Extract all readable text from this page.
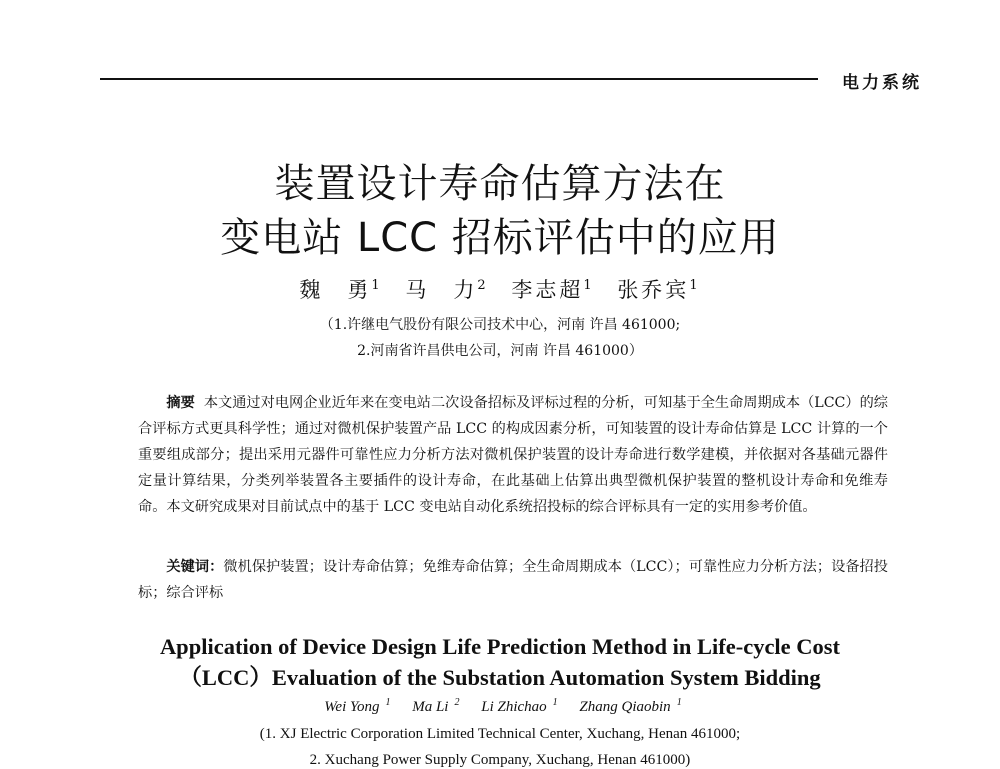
电力系统
装置设计寿命估算方法在
变电站 LCC 招标评估中的应用
魏　勇$^1$ 马　力$^2$ 李志超$^1$ 张乔宾$^1$
（1.许继电气股份有限公司技术中心，河南 许昌 461000;
2.河南省许昌供电公司，河南 许昌 461000）
摘要 本文通过对电网企业近年来在变电站二次设备招标及评标过程的分析，可知基于全生命周期成本（LCC）的综合评标方式更具科学性；通过对微机保护装置产品 LCC 的构成因素分析，可知装置的设计寿命估算是 LCC 计算的一个重要组成部分；提出采用元器件可靠性应力分析方法对微机保护装置的设计寿命进行数学建模，并依据对各基础元器件定量计算结果，分类列举装置各主要插件的设计寿命，在此基础上估算出典型微机保护装置的整机设计寿命和免维寿命。本文研究成果对目前试点中的基于 LCC 变电站自动化系统招投标的综合评标具有一定的实用参考价值。
关键词：微机保护装置；设计寿命估算；免维寿命估算；全生命周期成本（LCC）；可靠性应力分析方法；设备招投标；综合评标
Application of Device Design Life Prediction Method in Life-cycle Cost
（LCC）Evaluation of the Substation Automation System Bidding
Wei Yong $^1$ Ma Li $^2$ Li Zhichao $^1$ Zhang Qiaobin $^1$
(1. XJ Electric Corporation Limited Technical Center, Xuchang, Henan 461000;
2. Xuchang Power Supply Company, Xuchang, Henan 461000)
